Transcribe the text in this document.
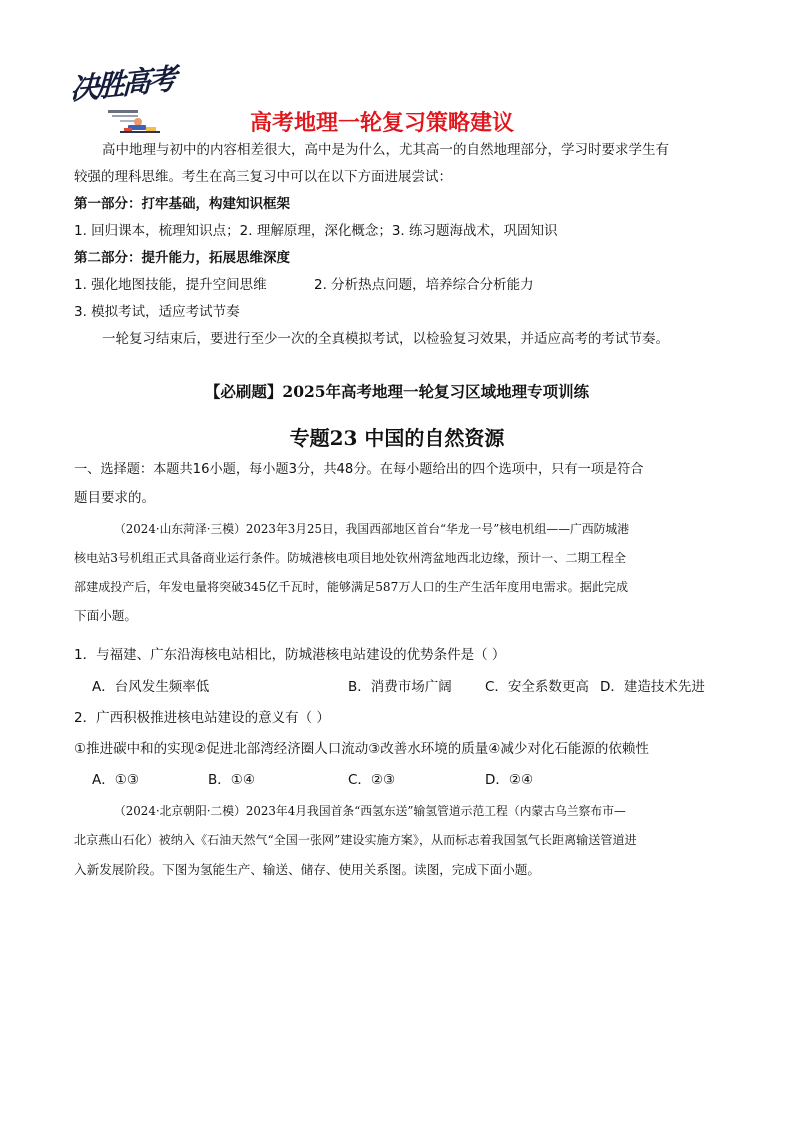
决胜高考
高考地理一轮复习策略建议
高中地理与初中的内容相差很大，高中是为什么，尤其高一的自然地理部分，学习时要求学生有
较强的理科思维。考生在高三复习中可以在以下方面进展尝试：
第一部分：打牢基础，构建知识框架
1. 回归课本，梳理知识点；2. 理解原理，深化概念；3. 练习题海战术，巩固知识
第二部分：提升能力，拓展思维深度
1. 强化地图技能，提升空间思维	2. 分析热点问题，培养综合分析能力
3. 模拟考试，适应考试节奏
一轮复习结束后，要进行至少一次的全真模拟考试，以检验复习效果，并适应高考的考试节奏。
【必刷题】2025年高考地理一轮复习区域地理专项训练
专题23 中国的自然资源
一、选择题：本题共16小题，每小题3分，共48分。在每小题给出的四个选项中，只有一项是符合
题目要求的。
（2024·山东菏泽·三模）2023年3月25日，我国西部地区首台“华龙一号”核电机组——广西防城港
核电站3号机组正式具备商业运行条件。防城港核电项目地处钦州湾盆地西北边缘，预计一、二期工程全
部建成投产后，年发电量将突破345亿千瓦时，能够满足587万人口的生产生活年度用电需求。据此完成
下面小题。
1．与福建、广东沿海核电站相比，防城港核电站建设的优势条件是（ ）
A．台风发生频率低	B．消费市场广阔 C．安全系数更高 D．建造技术先进
2．广西积极推进核电站建设的意义有（ ）
①推进碳中和的实现②促进北部湾经济圈人口流动③改善水环境的质量④减少对化石能源的依赖性
A．①③	B．①④	C．②③	D．②④
（2024·北京朝阳·二模）2023年4月我国首条“西氢东送”输氢管道示范工程（内蒙古乌兰察布市—
北京燕山石化）被纳入《石油天然气“全国一张网”建设实施方案》，从而标志着我国氢气长距离输送管道进
入新发展阶段。下图为氢能生产、输送、储存、使用关系图。读图，完成下面小题。
